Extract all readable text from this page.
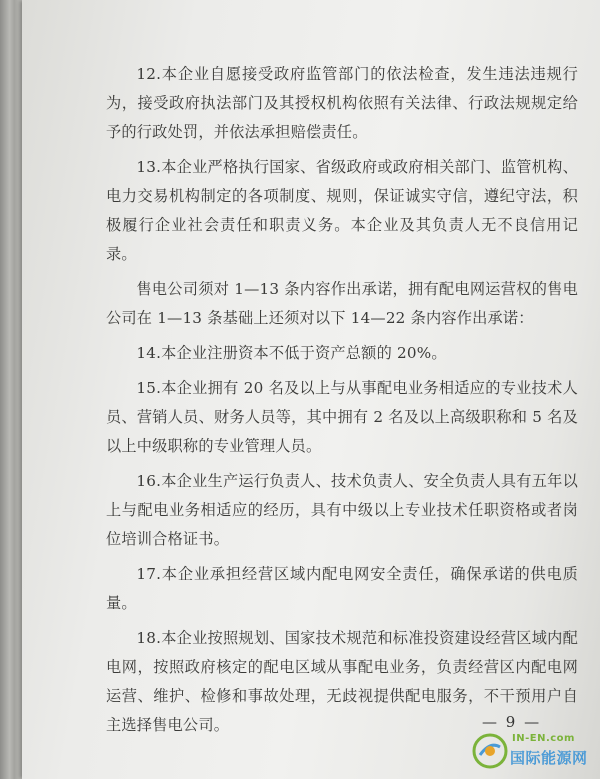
12.本企业自愿接受政府监管部门的依法检查，发生违法违规行为，接受政府执法部门及其授权机构依照有关法律、行政法规规定给予的行政处罚，并依法承担赔偿责任。

13.本企业严格执行国家、省级政府或政府相关部门、监管机构、电力交易机构制定的各项制度、规则，保证诚实守信，遵纪守法，积极履行企业社会责任和职责义务。本企业及其负责人无不良信用记录。

售电公司须对 1—13 条内容作出承诺，拥有配电网运营权的售电公司在 1—13 条基础上还须对以下 14—22 条内容作出承诺：

14.本企业注册资本不低于资产总额的 20%。

15.本企业拥有 20 名及以上与从事配电业务相适应的专业技术人员、营销人员、财务人员等，其中拥有 2 名及以上高级职称和 5 名及以上中级职称的专业管理人员。

16.本企业生产运行负责人、技术负责人、安全负责人具有五年以上与配电业务相适应的经历，具有中级以上专业技术任职资格或者岗位培训合格证书。

17.本企业承担经营区域内配电网安全责任，确保承诺的供电质量。

18.本企业按照规划、国家技术规范和标准投资建设经营区域内配电网，按照政府核定的配电区域从事配电业务，负责经营区内配电网运营、维护、检修和事故处理，无歧视提供配电服务，不干预用户自主选择售电公司。	— 9 —
IN-EN.com
国际能源网
